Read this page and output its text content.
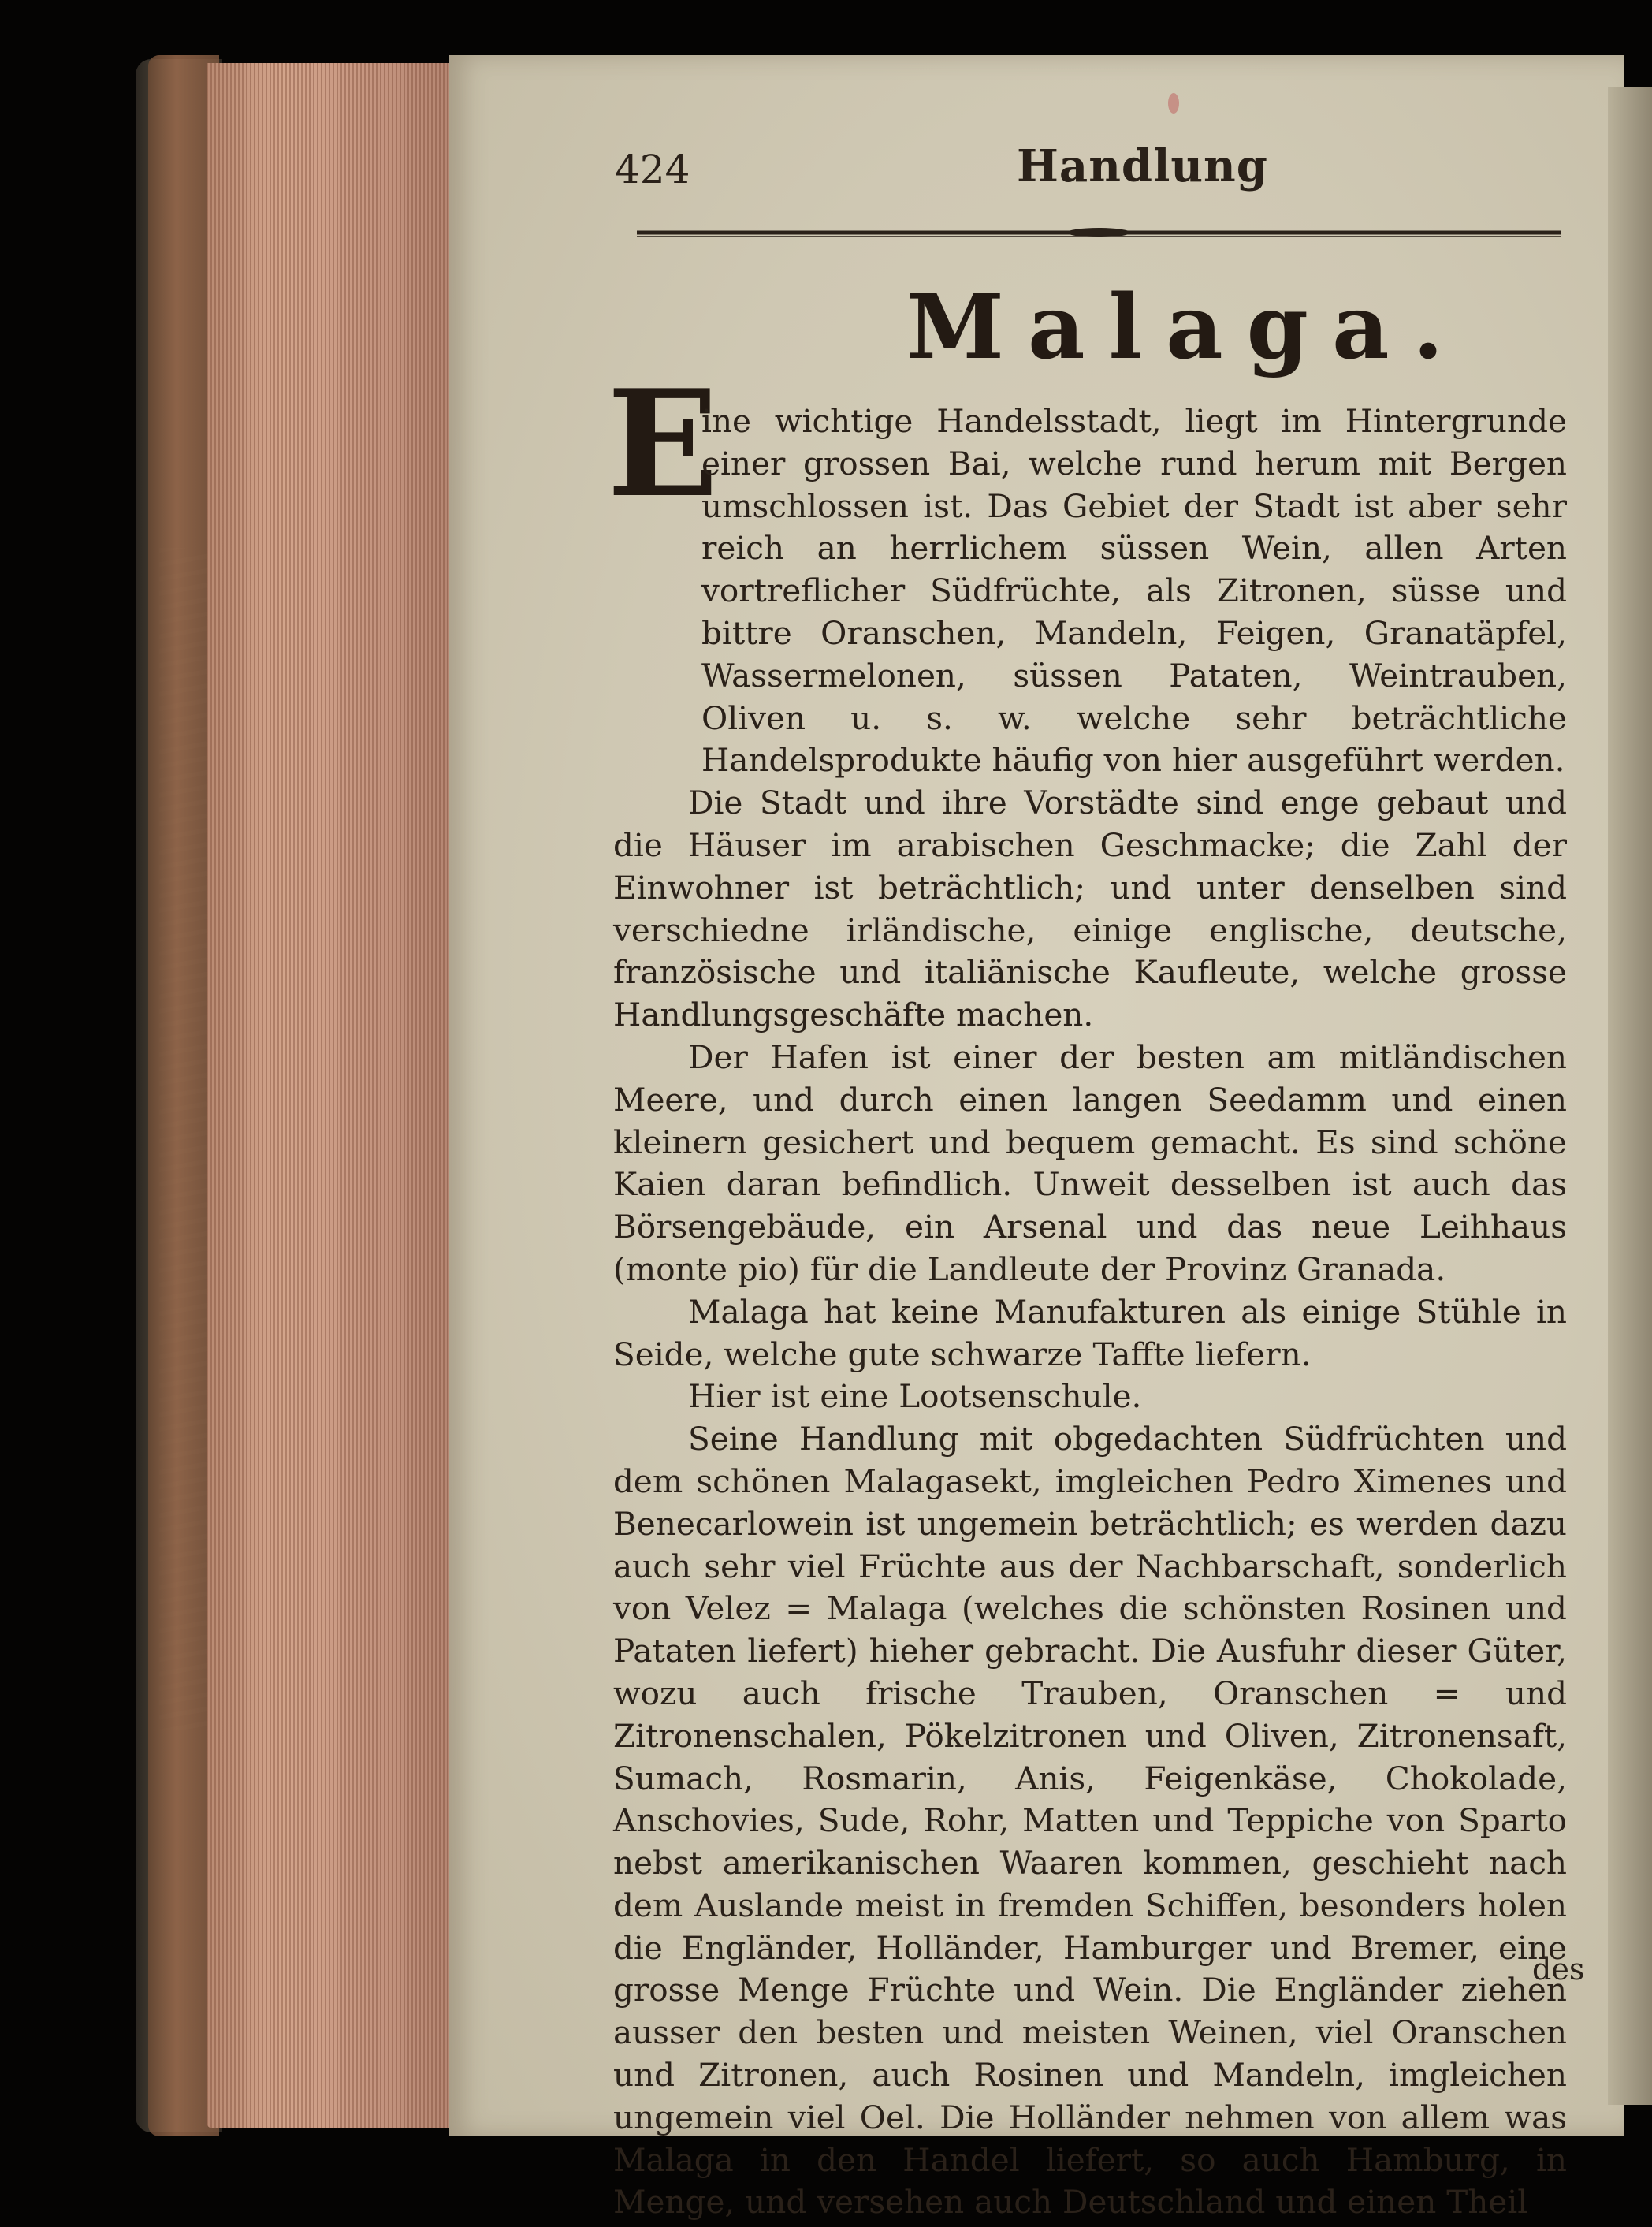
424	Handlung
Malaga.
E

ine wichtige Handelsstadt, liegt im Hintergrunde einer grossen Bai, welche rund herum mit Bergen umschlossen ist. Das Gebiet der Stadt ist aber sehr reich an herrlichem süssen Wein, allen Arten vortreflicher Südfrüchte, als Zitronen, süsse und bittre Oranschen, Mandeln, Feigen, Granatäpfel, Wassermelonen, süssen Pataten, Weintrauben, Oliven u. s. w. welche sehr beträchtliche Handelsprodukte häufig von hier ausgeführt werden.

Die Stadt und ihre Vorstädte sind enge gebaut und die Häuser im arabischen Geschmacke; die Zahl der Einwohner ist beträchtlich; und unter denselben sind verschiedne irländische, einige englische, deutsche, französische und italiänische Kaufleute, welche grosse Handlungsgeschäfte machen.

Der Hafen ist einer der besten am mitländischen Meere, und durch einen langen Seedamm und einen kleinern gesichert und bequem gemacht. Es sind schöne Kaien daran befindlich. Unweit desselben ist auch das Börsengebäude, ein Arsenal und das neue Leihhaus (monte pio) für die Landleute der Provinz Granada.

Malaga hat keine Manufakturen als einige Stühle in Seide, welche gute schwarze Taffte liefern.

Hier ist eine Lootsenschule.

Seine Handlung mit obgedachten Südfrüchten und dem schönen Malagasekt, imgleichen Pedro Ximenes und Benecarlowein ist ungemein beträchtlich; es werden dazu auch sehr viel Früchte aus der Nachbarschaft, sonderlich von Velez = Malaga (welches die schönsten Rosinen und Pataten liefert) hieher gebracht. Die Ausfuhr dieser Güter, wozu auch frische Trauben, Oranschen = und Zitronenschalen, Pökelzitronen und Oliven, Zitronensaft, Sumach, Rosmarin, Anis, Feigenkäse, Chokolade, Anschovies, Sude, Rohr, Matten und Teppiche von Sparto nebst amerikanischen Waaren kommen, geschieht nach dem Auslande meist in fremden Schiffen, besonders holen die Engländer, Holländer, Hamburger und Bremer, eine grosse Menge Früchte und Wein. Die Engländer ziehen ausser den besten und meisten Weinen, viel Oranschen und Zitronen, auch Rosinen und Mandeln, imgleichen ungemein viel Oel. Die Holländer nehmen von allem was Malaga in den Handel liefert, so auch Hamburg, in Menge, und versehen auch Deutschland und einen Theil

des
